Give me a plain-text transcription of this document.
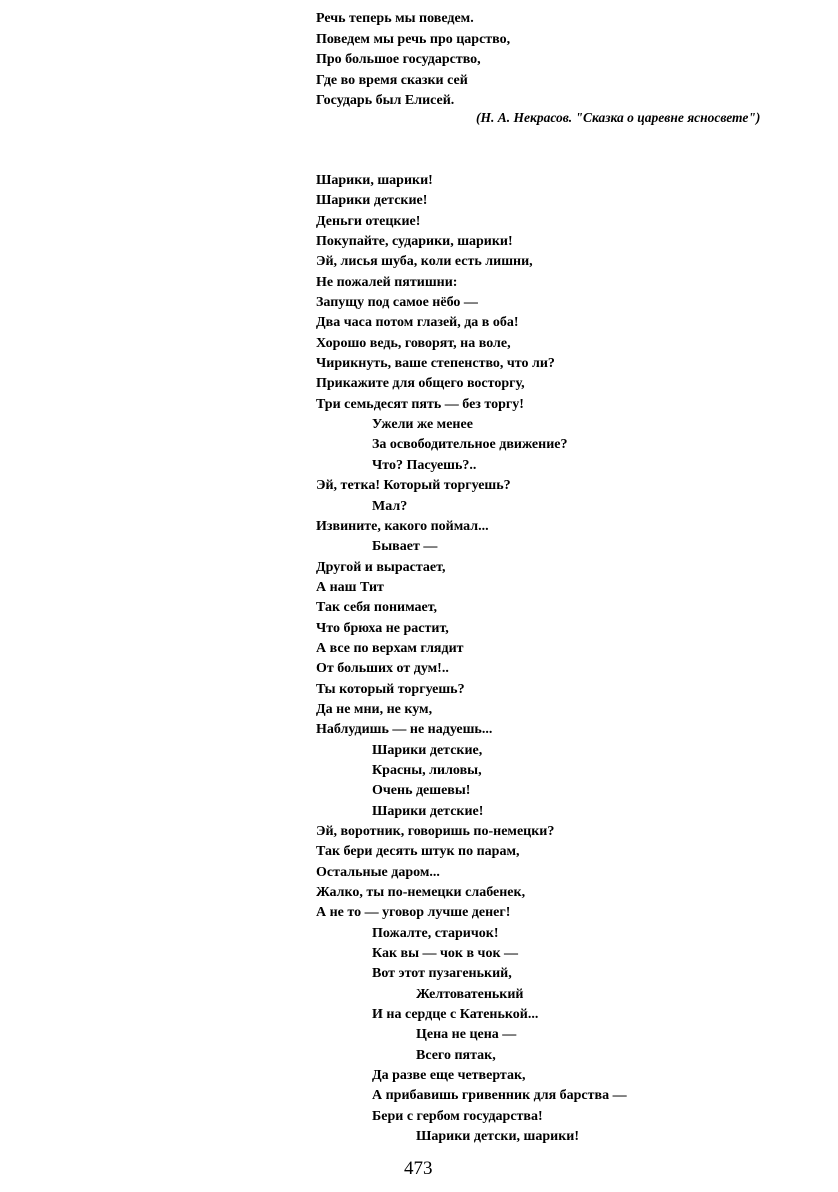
Речь теперь мы поведем.
Поведем мы речь про царство,
Про большое государство,
Где во время сказки сей
Государь был Елисей.
(Н. А. Некрасов. "Сказка о царевне ясносвете")
Шарики, шарики!
Шарики детские!
Деньги отецкие!
Покупайте, сударики, шарики!
Эй, лисья шуба, коли есть лишни,
Не пожалей пятишни:
Запущу под самое нёбо —
Два часа потом глазей, да в оба!
Хорошо ведь, говорят, на воле,
Чирикнуть, ваше степенство, что ли?
Прикажите для общего восторгу,
Три семьдесят пять — без торгу!
Ужели же менее
За освободительное движение?
Что? Пасуешь?..
Эй, тетка! Который торгуешь?
Мал?
Извините, какого поймал...
Бывает —
Другой и вырастает,
А наш Тит
Так себя понимает,
Что брюха не растит,
А все по верхам глядит
От больших от дум!..
Ты который торгуешь?
Да не мни, не кум,
Наблудишь — не надуешь...
Шарики детские,
Красны, лиловы,
Очень дешевы!
Шарики детские!
Эй, воротник, говоришь по-немецки?
Так бери десять штук по парам,
Остальные даром...
Жалко, ты по-немецки слабенек,
А не то — уговор лучше денег!
Пожалте, старичок!
Как вы — чок в чок —
Вот этот пузагенький,
Желтоватенький
И на сердце с Катенькой...
Цена не цена —
Всего пятак,
Да разве еще четвертак,
А прибавишь гривенник для барства —
Бери с гербом государства!
Шарики детски, шарики!
473
